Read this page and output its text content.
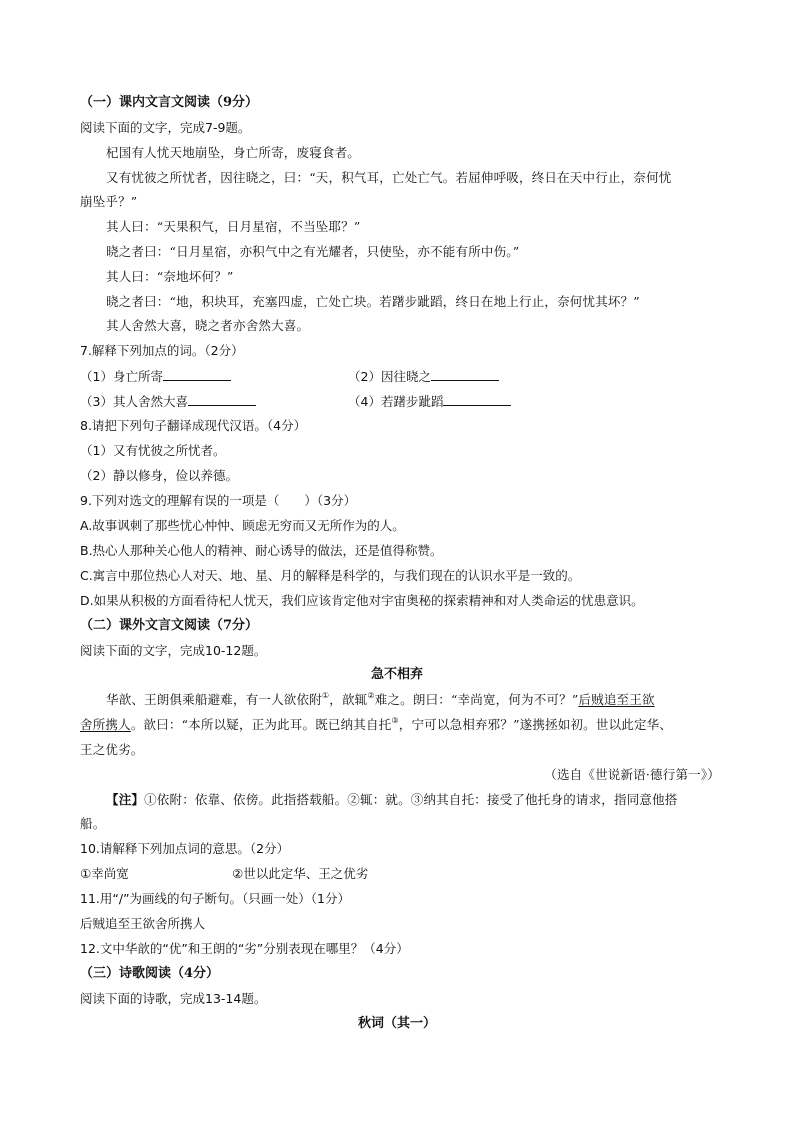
（一）课内文言文阅读（9分）
阅读下面的文字，完成7-9题。
杞国有人忧天地崩坠，身亡所寄，废寝食者。
又有忧彼之所忧者，因往晓之，曰：“天，积气耳，亡处亡气。若屈伸呼吸，终日在天中行止，奈何忧
崩坠乎？”
其人曰：“天果积气，日月星宿，不当坠耶？”
晓之者曰：“日月星宿，亦积气中之有光耀者，只使坠，亦不能有所中伤。”
其人曰：“奈地坏何？”
晓之者曰：“地，积块耳，充塞四虚，亡处亡块。若躇步跐蹈，终日在地上行止，奈何忧其坏？”
其人舍然大喜，晓之者亦舍然大喜。
7.解释下列加点的词。（2分）
（1）身亡所寄	（2）因往晓之
（3）其人舍然大喜	（4）若躇步跐蹈
8.请把下列句子翻译成现代汉语。（4分）
（1）又有忧彼之所忧者。
（2）静以修身，俭以养德。
9.下列对选文的理解有误的一项是（　　）（3分）
A.故事讽刺了那些忧心忡忡、顾虑无穷而又无所作为的人。
B.热心人那种关心他人的精神、耐心诱导的做法，还是值得称赞。
C.寓言中那位热心人对天、地、星、月的解释是科学的，与我们现在的认识水平是一致的。
D.如果从积极的方面看待杞人忧天，我们应该肯定他对宇宙奥秘的探索精神和对人类命运的忧患意识。
（二）课外文言文阅读（7分）
阅读下面的文字，完成10-12题。
急不相弃
华歆、王朗俱乘船避难，有一人欲依附①，歆辄②难之。朗曰：“幸尚宽，何为不可？”后贼追至王欲
舍所携人。歆曰：“本所以疑，正为此耳。既已纳其自托③，宁可以急相弃邪？”遂携拯如初。世以此定华、
王之优劣。
（选自《世说新语·德行第一》）
【注】①依附：依靠、依傍。此指搭载船。②辄：就。③纳其自托：接受了他托身的请求，指同意他搭
船。
10.请解释下列加点词的意思。（2分）
①幸尚宽	②世以此定华、王之优劣
11.用“/”为画线的句子断句。（只画一处）（1分）
后贼追至王欲舍所携人
12.文中华歆的“优”和王朗的“劣”分别表现在哪里？（4分）
（三）诗歌阅读（4分）
阅读下面的诗歌，完成13-14题。
秋词（其一）
